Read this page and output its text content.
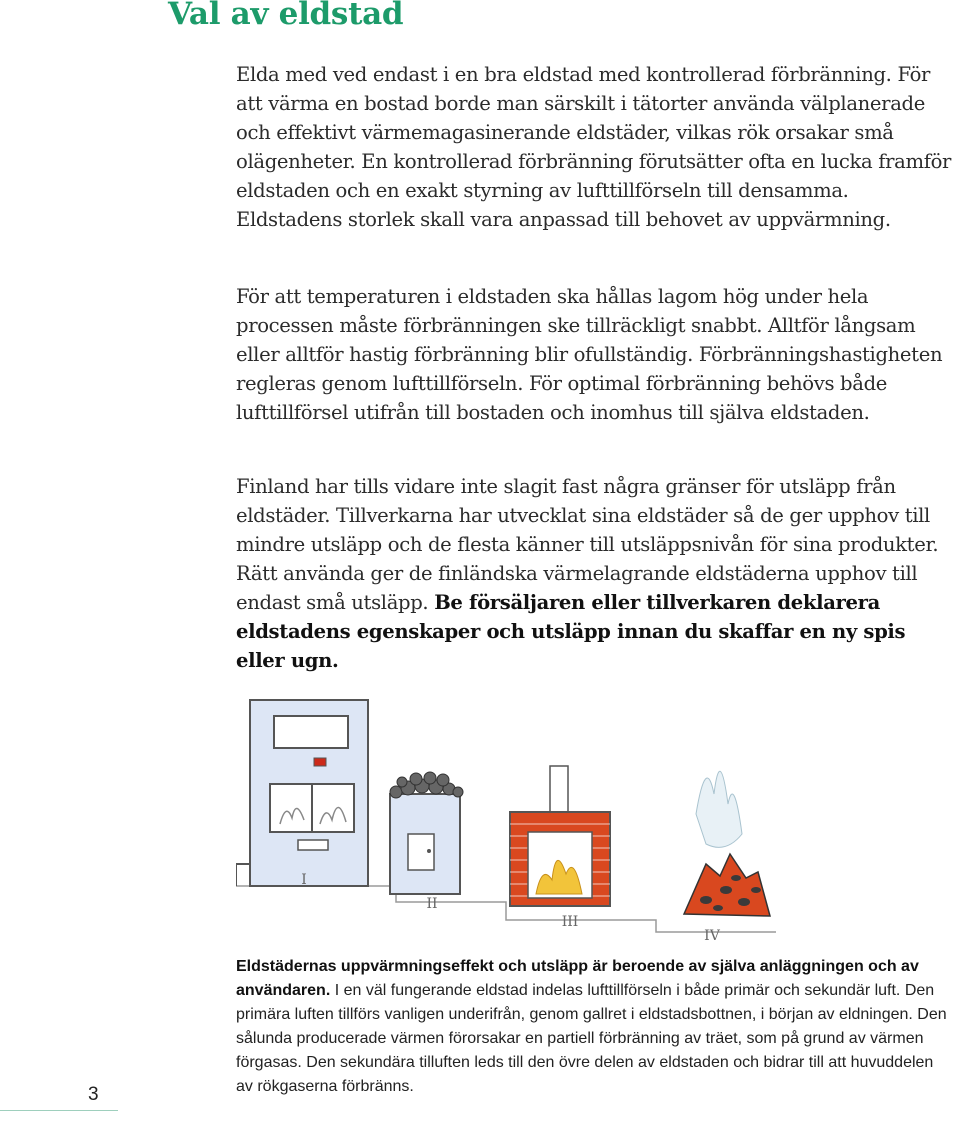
Val av eldstad

Elda med ved endast i en bra eldstad med kontrollerad förbränning. För att värma en bostad borde man särskilt i tätorter använda välplanerade och effektivt värmemagasinerande eldstäder, vilkas rök orsakar små olägenheter. En kontrollerad förbränning förutsätter ofta en lucka framför eldstaden och en exakt styrning av lufttillförseln till densamma. Eldstadens storlek skall vara anpassad till behovet av uppvärmning.

För att temperaturen i eldstaden ska hållas lagom hög under hela processen måste förbränningen ske tillräckligt snabbt. Alltför långsam eller alltför hastig förbränning blir ofullständig. Förbränningshastigheten regleras genom lufttillförseln. För optimal förbränning behövs både lufttillförsel utifrån till bostaden och inomhus till själva eldstaden.

Finland har tills vidare inte slagit fast några gränser för utsläpp från eldstäder. Tillverkarna har utvecklat sina eldstäder så de ger upphov till mindre utsläpp och de flesta känner till utsläppsnivån för sina produkter. Rätt använda ger de finländska värmelagrande eldstäderna upphov till endast små utsläpp. Be försäljaren eller tillverkaren deklarera eldstadens egenskaper och utsläpp innan du skaffar en ny spis eller ugn.

I
II
III
IV

Eldstädernas uppvärmningseffekt och utsläpp är beroende av själva anläggningen och av användaren. I en väl fungerande eldstad indelas lufttillförseln i både primär och sekundär luft. Den primära luften tillförs vanligen underifrån, genom gallret i eldstadsbottnen, i början av eldningen. Den sålunda producerade värmen förorsakar en partiell förbränning av träet, som på grund av värmen förgasas. Den sekundära tilluften leds till den övre delen av eldstaden och bidrar till att huvuddelen av rökgaserna förbränns.

3
